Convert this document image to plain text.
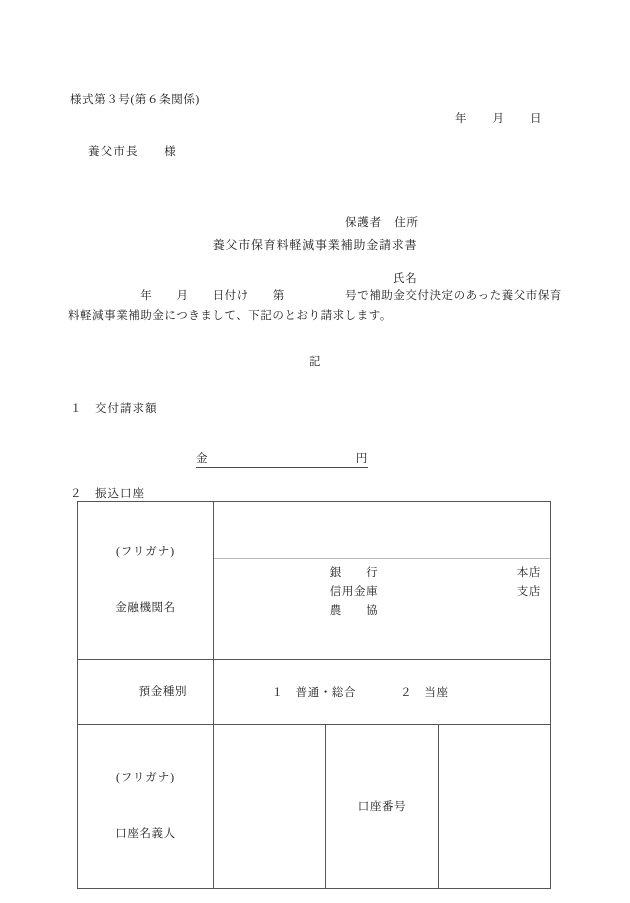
様式第３号(第６条関係)
年　　月　　日
養父市長　　様

保護者　住所

氏名

養父市保育料軽減事業補助金請求書
　　　　　　年　　月　　日付け　　第　　　　　号で補助金交付決定のあった養父市保育
料軽減事業補助金につきまして、下記のとおり請求します。
記
１　交付請求額
金	円
２　振込口座

(フリガナ)

金融機関名

銀　　行	本店
信用金庫	支店
農　　協

預金種別	１　普通・総合 ２　当座		

(フリガナ)

口座名義人		口座番号	
